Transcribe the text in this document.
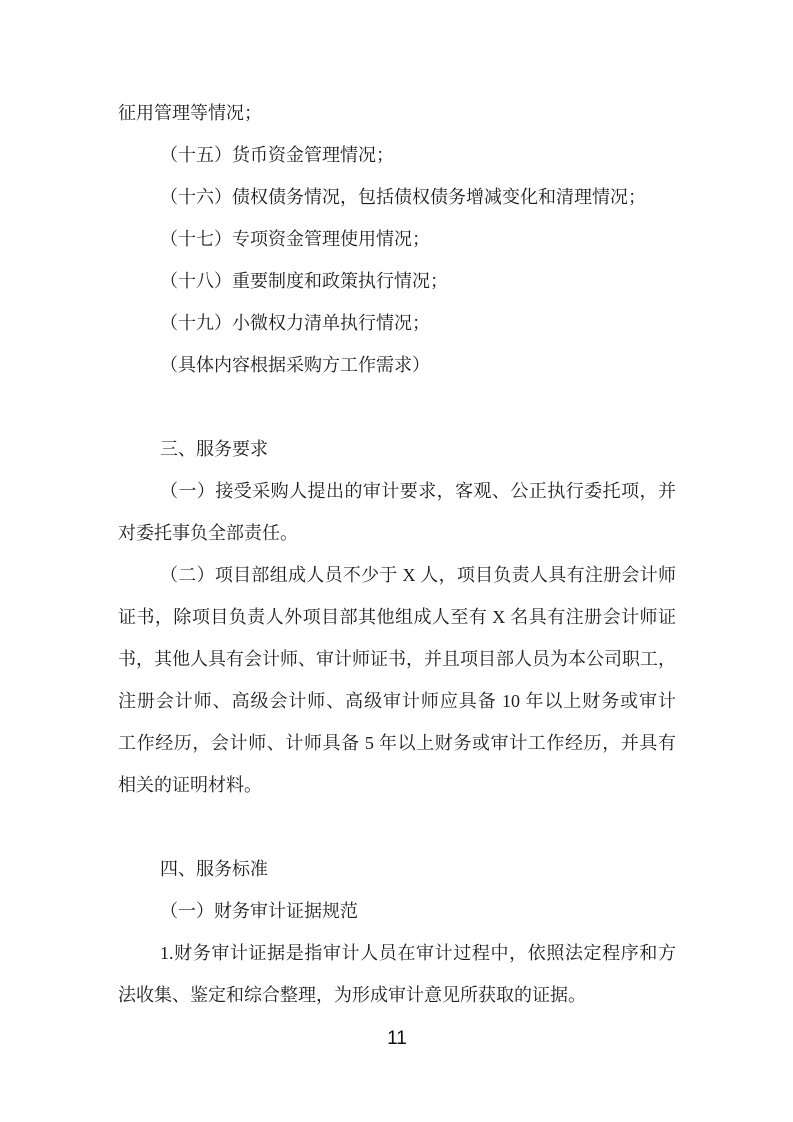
征用管理等情况；
（十五）货币资金管理情况；
（十六）债权债务情况，包括债权债务增减变化和清理情况；
（十七）专项资金管理使用情况；
（十八）重要制度和政策执行情况；
（十九）小微权力清单执行情况；
（具体内容根据采购方工作需求）
三、服务要求
（一）接受采购人提出的审计要求，客观、公正执行委托项，并
对委托事负全部责任。
（二）项目部组成人员不少于 X 人，项目负责人具有注册会计师
证书，除项目负责人外项目部其他组成人至有 X 名具有注册会计师证
书，其他人具有会计师、审计师证书，并且项目部人员为本公司职工，
注册会计师、高级会计师、高级审计师应具备 10 年以上财务或审计
工作经历，会计师、计师具备 5 年以上财务或审计工作经历，并具有
相关的证明材料。
四、服务标准
（一）财务审计证据规范
1.财务审计证据是指审计人员在审计过程中，依照法定程序和方
法收集、鉴定和综合整理，为形成审计意见所获取的证据。
11
